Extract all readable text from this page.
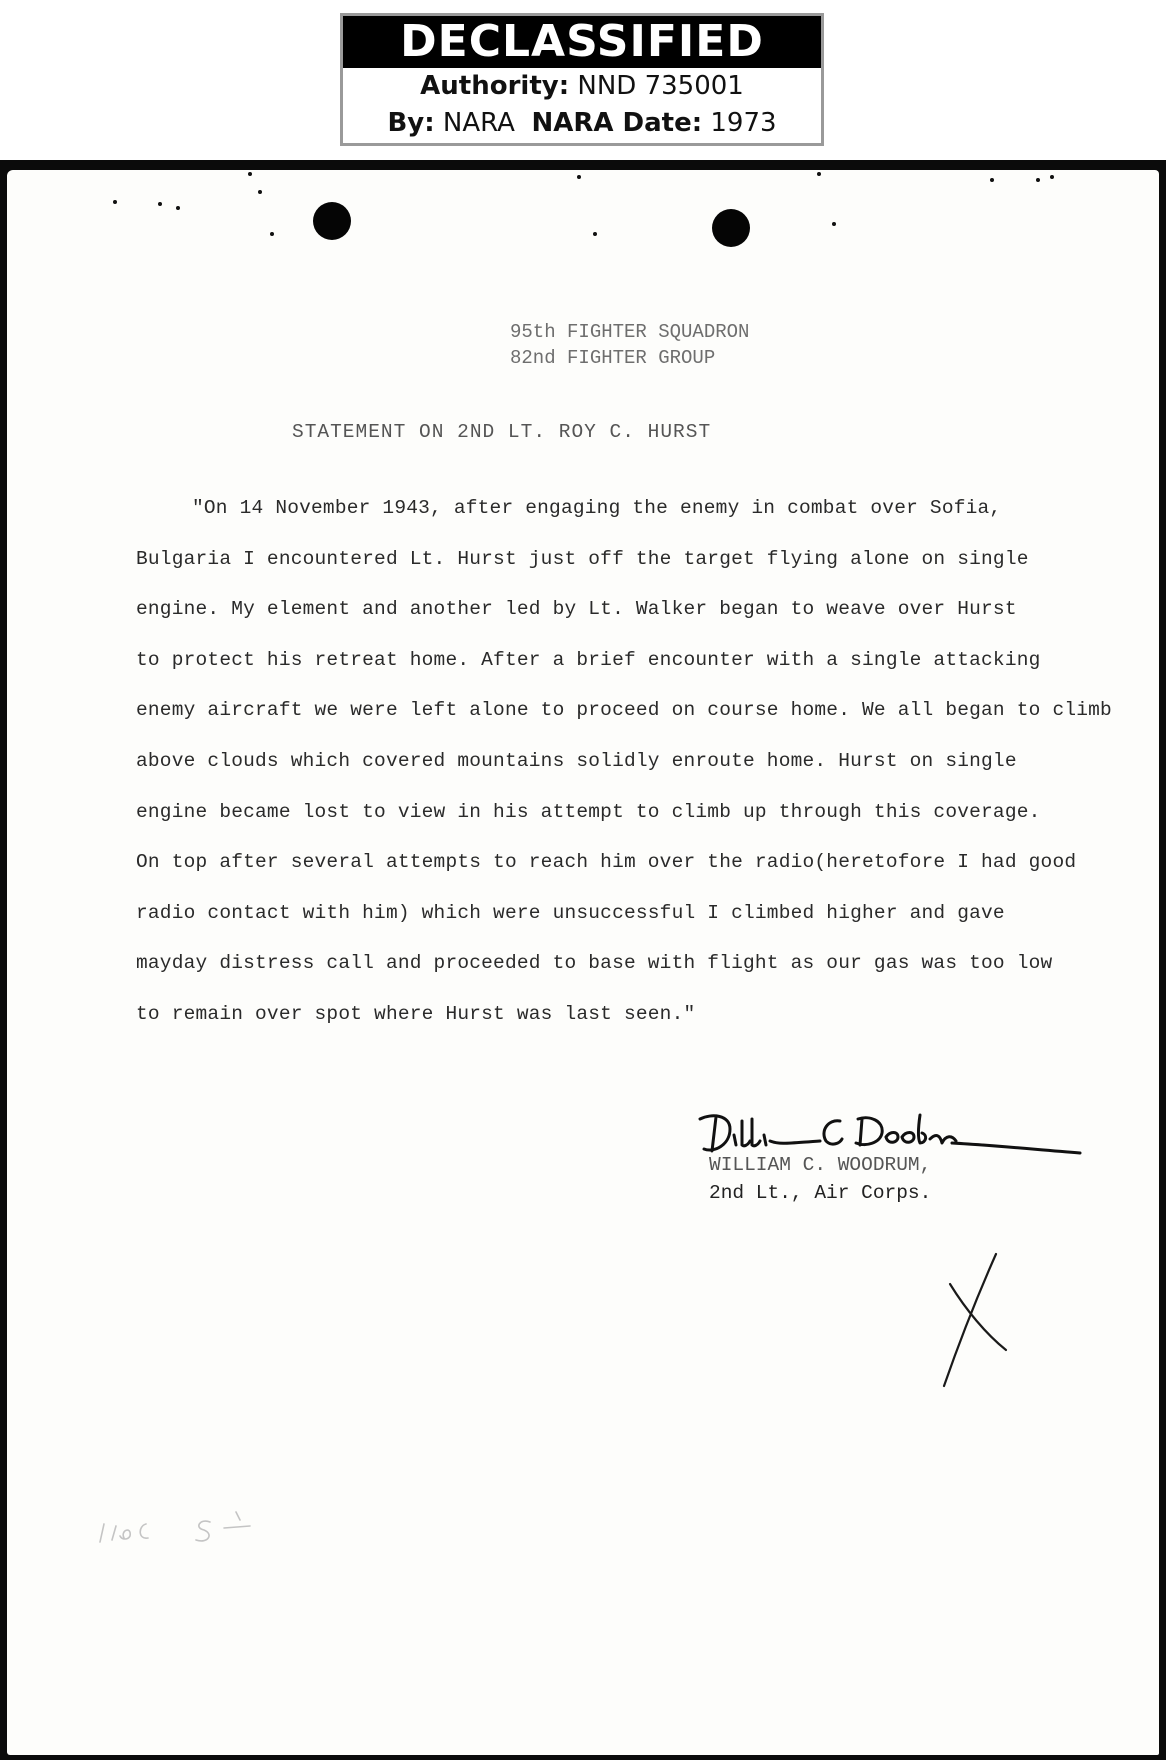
DECLASSIFIED
Authority: NND 735001
By: NARA NARA Date: 1973
95th FIGHTER SQUADRON
82nd FIGHTER GROUP
STATEMENT ON 2ND LT. ROY C. HURST
"On 14 November 1943, after engaging the enemy in combat over Sofia,
Bulgaria I encountered Lt. Hurst just off the target flying alone on single
engine. My element and another led by Lt. Walker began to weave over Hurst
to protect his retreat home. After a brief encounter with a single attacking
enemy aircraft we were left alone to proceed on course home. We all began to climb
above clouds which covered mountains solidly enroute home. Hurst on single
engine became lost to view in his attempt to climb up through this coverage.
On top after several attempts to reach him over the radio(heretofore I had good
radio contact with him) which were unsuccessful I climbed higher and gave
mayday distress call and proceeded to base with flight as our gas was too low
to remain over spot where Hurst was last seen."
WILLIAM C. WOODRUM,
2nd Lt., Air Corps.
